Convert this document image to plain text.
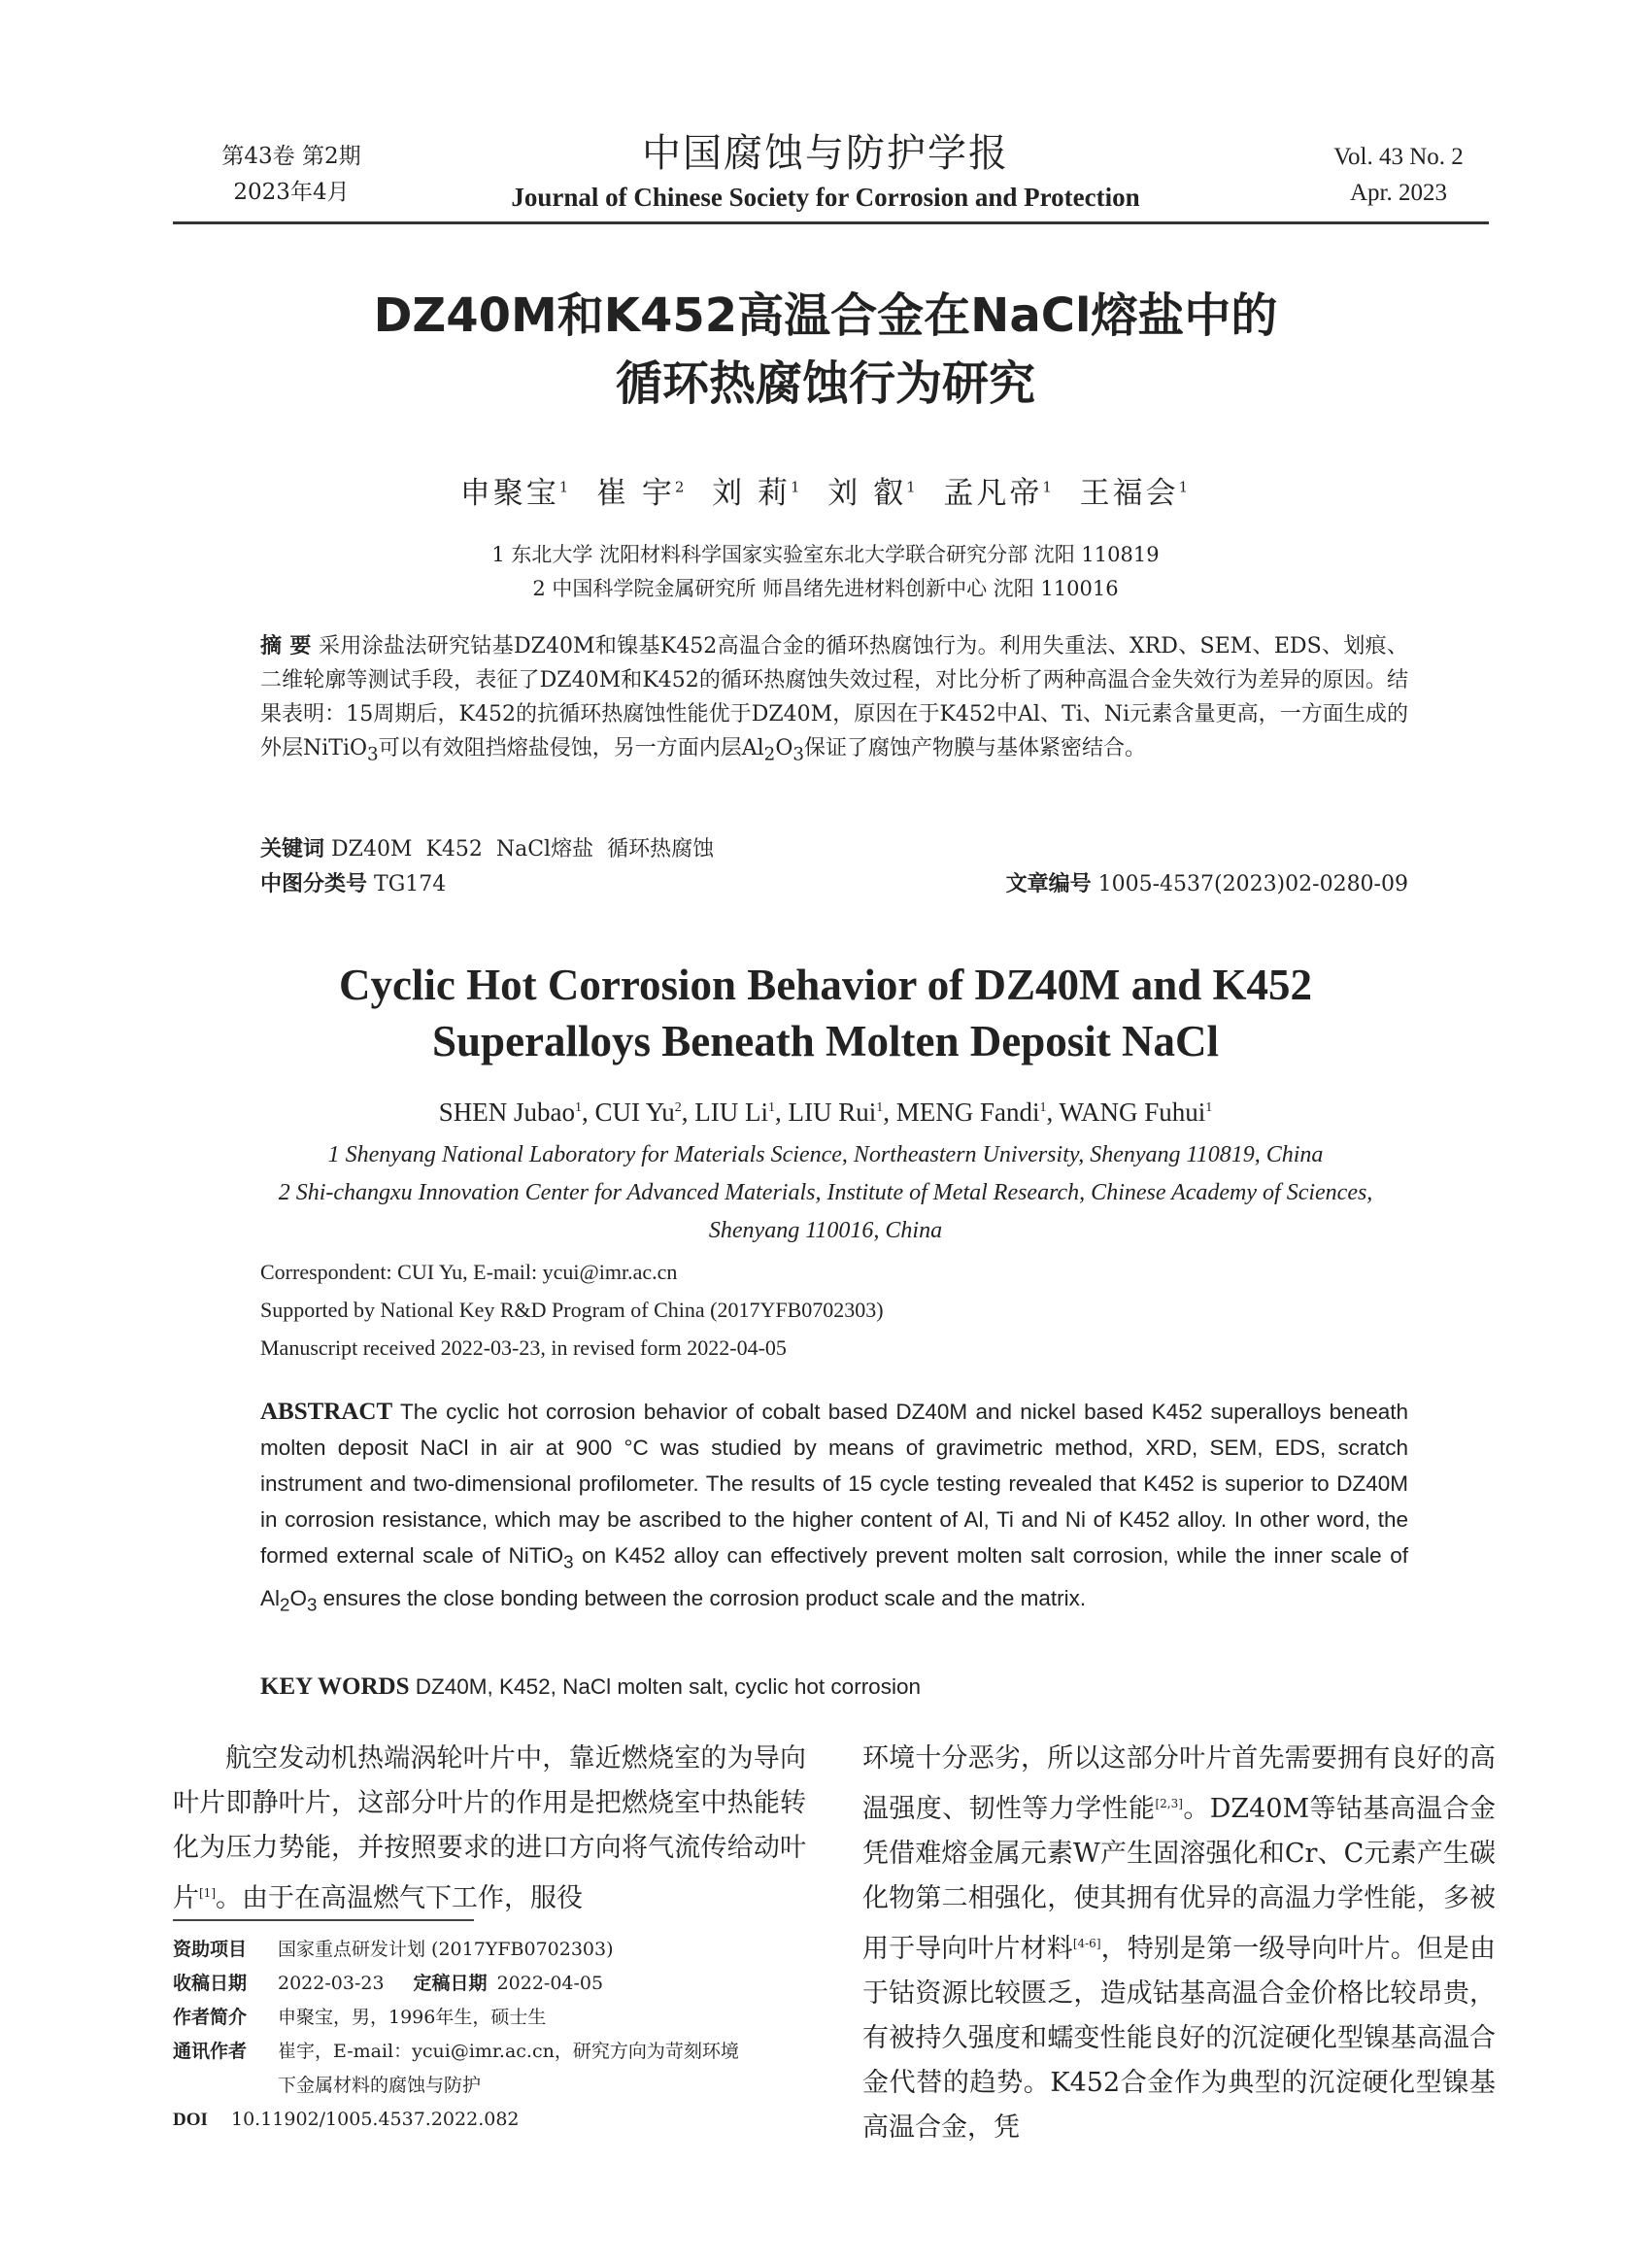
第43卷 第2期
2023年4月
中国腐蚀与防护学报
Journal of Chinese Society for Corrosion and Protection
Vol. 43 No. 2
Apr. 2023
DZ40M和K452高温合金在NaCl熔盐中的
循环热腐蚀行为研究
申聚宝$^1$ 崔 宇$^2$ 刘 莉$^1$ 刘 叡$^1$ 孟凡帝$^1$ 王福会$^1$
1 东北大学 沈阳材料科学国家实验室东北大学联合研究分部 沈阳 110819
2 中国科学院金属研究所 师昌绪先进材料创新中心 沈阳 110016
摘 要 采用涂盐法研究钴基DZ40M和镍基K452高温合金的循环热腐蚀行为。利用失重法、XRD、SEM、EDS、划痕、二维轮廓等测试手段，表征了DZ40M和K452的循环热腐蚀失效过程，对比分析了两种高温合金失效行为差异的原因。结果表明：15周期后，K452的抗循环热腐蚀性能优于DZ40M，原因在于K452中Al、Ti、Ni元素含量更高，一方面生成的外层NiTiO$_3$可以有效阻挡熔盐侵蚀，另一方面内层$Al_2O_3$保证了腐蚀产物膜与基体紧密结合。
关键词 DZ40M  K452  NaCl熔盐  循环热腐蚀
中图分类号 TG174	文章编号 1005-4537(2023)02-0280-09
Cyclic Hot Corrosion Behavior of DZ40M and K452
Superalloys Beneath Molten Deposit NaCl
SHEN Jubao$^1$, CUI Yu$^2$, LIU Li$^1$, LIU Rui$^1$, MENG Fandi$^1$, WANG Fuhui$^1$
1 Shenyang National Laboratory for Materials Science, Northeastern University, Shenyang 110819, China
2 Shi-changxu Innovation Center for Advanced Materials, Institute of Metal Research, Chinese Academy of Sciences, Shenyang 110016, China
Correspondent: CUI Yu, E-mail: ycui@imr.ac.cn
Supported by National Key R&D Program of China (2017YFB0702303)
Manuscript received 2022-03-23, in revised form 2022-04-05
ABSTRACT The cyclic hot corrosion behavior of cobalt based DZ40M and nickel based K452 superalloys beneath molten deposit NaCl in air at 900 °C was studied by means of gravimetric method, XRD, SEM, EDS, scratch instrument and two-dimensional profilometer. The results of 15 cycle testing revealed that K452 is superior to DZ40M in corrosion resistance, which may be ascribed to the higher content of Al, Ti and Ni of K452 alloy. In other word, the formed external scale of NiTiO$_3$ on K452 alloy can effectively prevent molten salt corrosion, while the inner scale of $Al_2O_3$ ensures the close bonding between the corrosion product scale and the matrix.
KEY WORDS DZ40M, K452, NaCl molten salt, cyclic hot corrosion

航空发动机热端涡轮叶片中，靠近燃烧室的为导向叶片即静叶片，这部分叶片的作用是把燃烧室中热能转化为压力势能，并按照要求的进口方向将气流传给动叶片[1]。由于在高温燃气下工作，服役

环境十分恶劣，所以这部分叶片首先需要拥有良好的高温强度、韧性等力学性能[2,3]。DZ40M等钴基高温合金凭借难熔金属元素W产生固溶强化和Cr、C元素产生碳化物第二相强化，使其拥有优异的高温力学性能，多被用于导向叶片材料[4-6]，特别是第一级导向叶片。但是由于钴资源比较匮乏，造成钴基高温合金价格比较昂贵，有被持久强度和蠕变性能良好的沉淀硬化型镍基高温合金代替的趋势。K452合金作为典型的沉淀硬化型镍基高温合金，凭

资助项目	国家重点研发计划 (2017YFB0702303)
收稿日期	2022-03-23 定稿日期 2022-04-05
作者简介	申聚宝，男，1996年生，硕士生
通讯作者	崔宇，E-mail：ycui@imr.ac.cn，研究方向为苛刻环境下金属材料的腐蚀与防护
DOI	10.11902/1005.4537.2022.082
